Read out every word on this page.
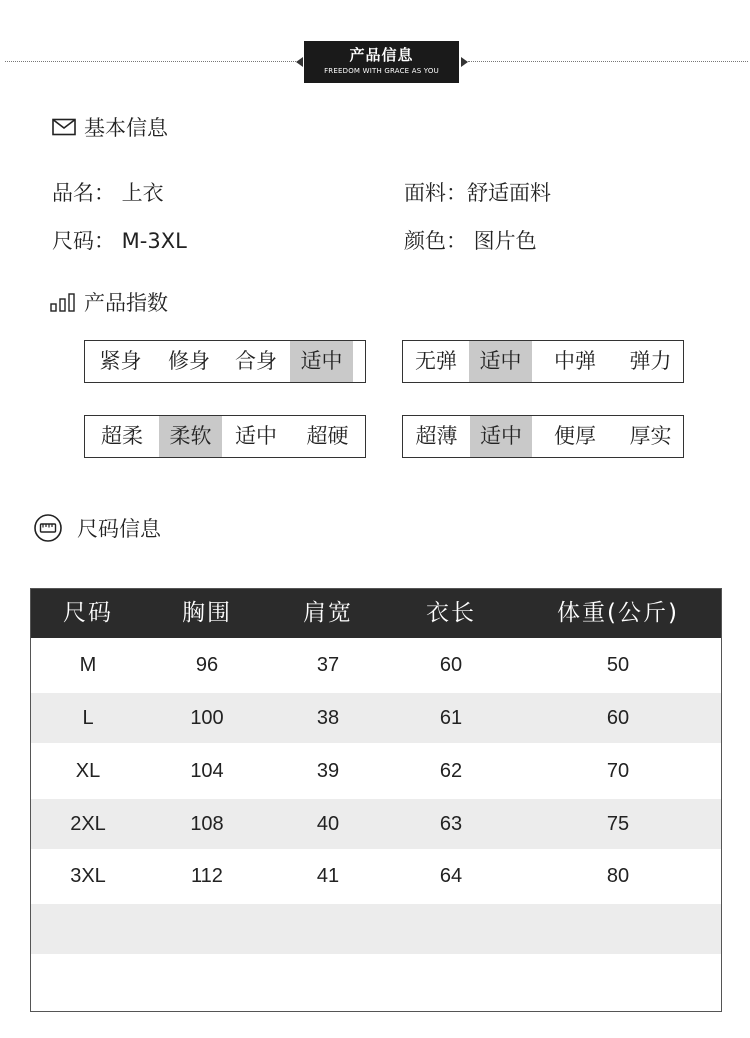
产品信息
FREEDOM WITH GRACE AS YOU
基本信息
品名： 上衣	面料：舒适面料
尺码： M-3XL	颜色： 图片色
产品指数
紧身	修身	合身	适中	无弹	适中	中弹	弹力
超柔	柔软	适中	超硬	超薄	适中	便厚	厚实
尺码信息
尺码	胸围	肩宽	衣长	体重(公斤)
M	96	37	60	50
L	100	38	61	60
XL	104	39	62	70
2XL	108	40	63	75
3XL	112	41	64	80
